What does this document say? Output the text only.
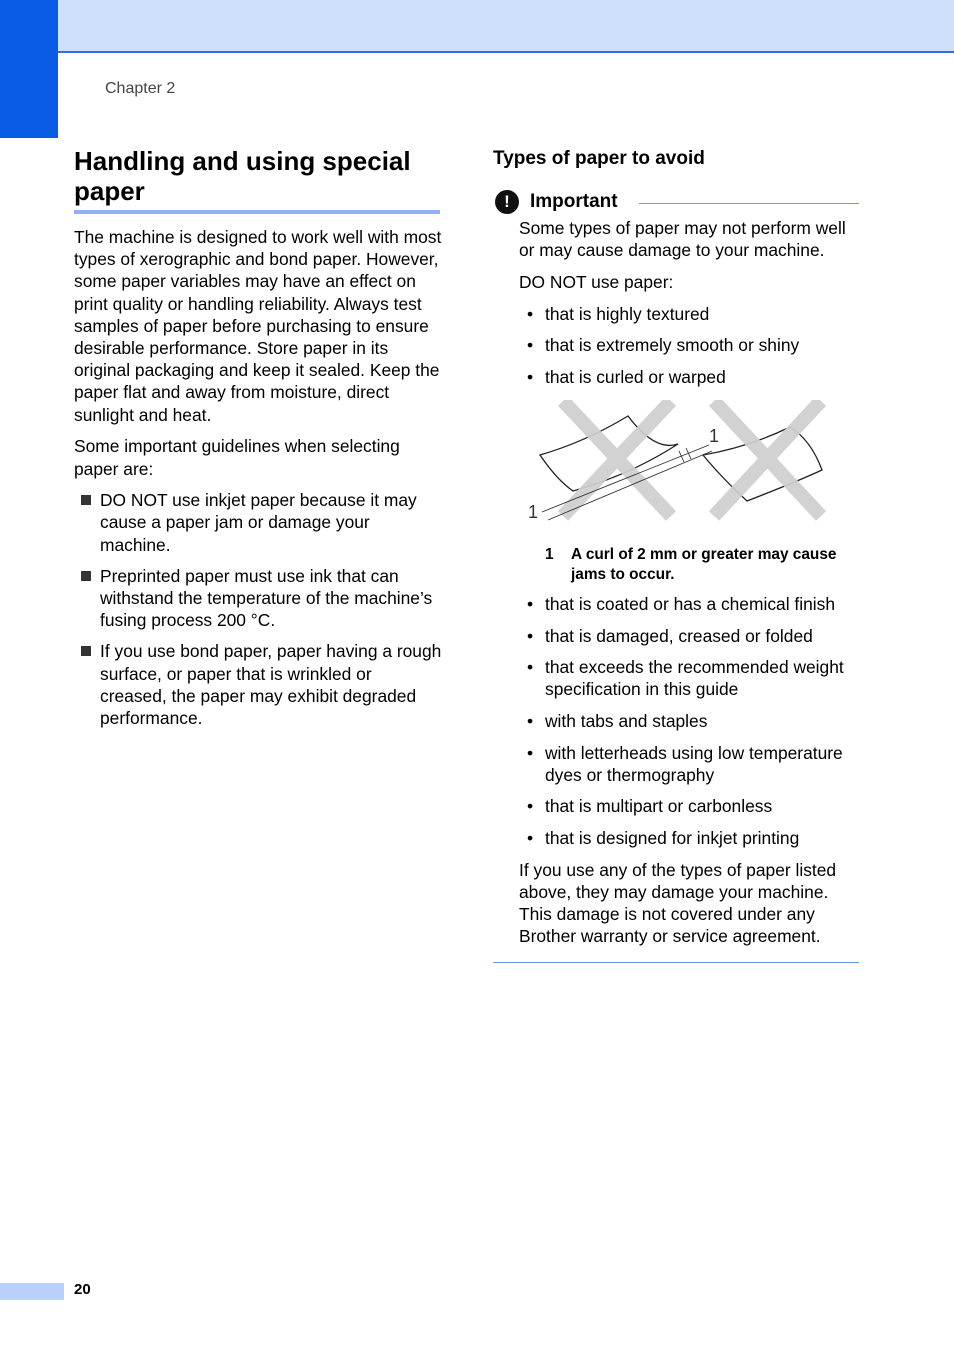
Chapter 2
Handling and using special paper

The machine is designed to work well with most types of xerographic and bond paper. However, some paper variables may have an effect on print quality or handling reliability. Always test samples of paper before purchasing to ensure desirable performance. Store paper in its original packaging and keep it sealed. Keep the paper flat and away from moisture, direct sunlight and heat.

Some important guidelines when selecting paper are:

DO NOT use inkjet paper because it may cause a paper jam or damage your machine.
Preprinted paper must use ink that can withstand the temperature of the machine’s fusing process 200 °C.
If you use bond paper, paper having a rough surface, or paper that is wrinkled or creased, the paper may exhibit degraded performance.
Types of paper to avoid
!	Important

Some types of paper may not perform well or may cause damage to your machine.

DO NOT use paper:

• that is highly textured
• that is extremely smooth or shiny
• that is curled or warped
1
1
1 A curl of 2 mm or greater may cause jams to occur.
• that is coated or has a chemical finish
• that is damaged, creased or folded
• that exceeds the recommended weight specification in this guide
• with tabs and staples
• with letterheads using low temperature dyes or thermography
• that is multipart or carbonless
• that is designed for inkjet printing

If you use any of the types of paper listed above, they may damage your machine. This damage is not covered under any Brother warranty or service agreement.

20
